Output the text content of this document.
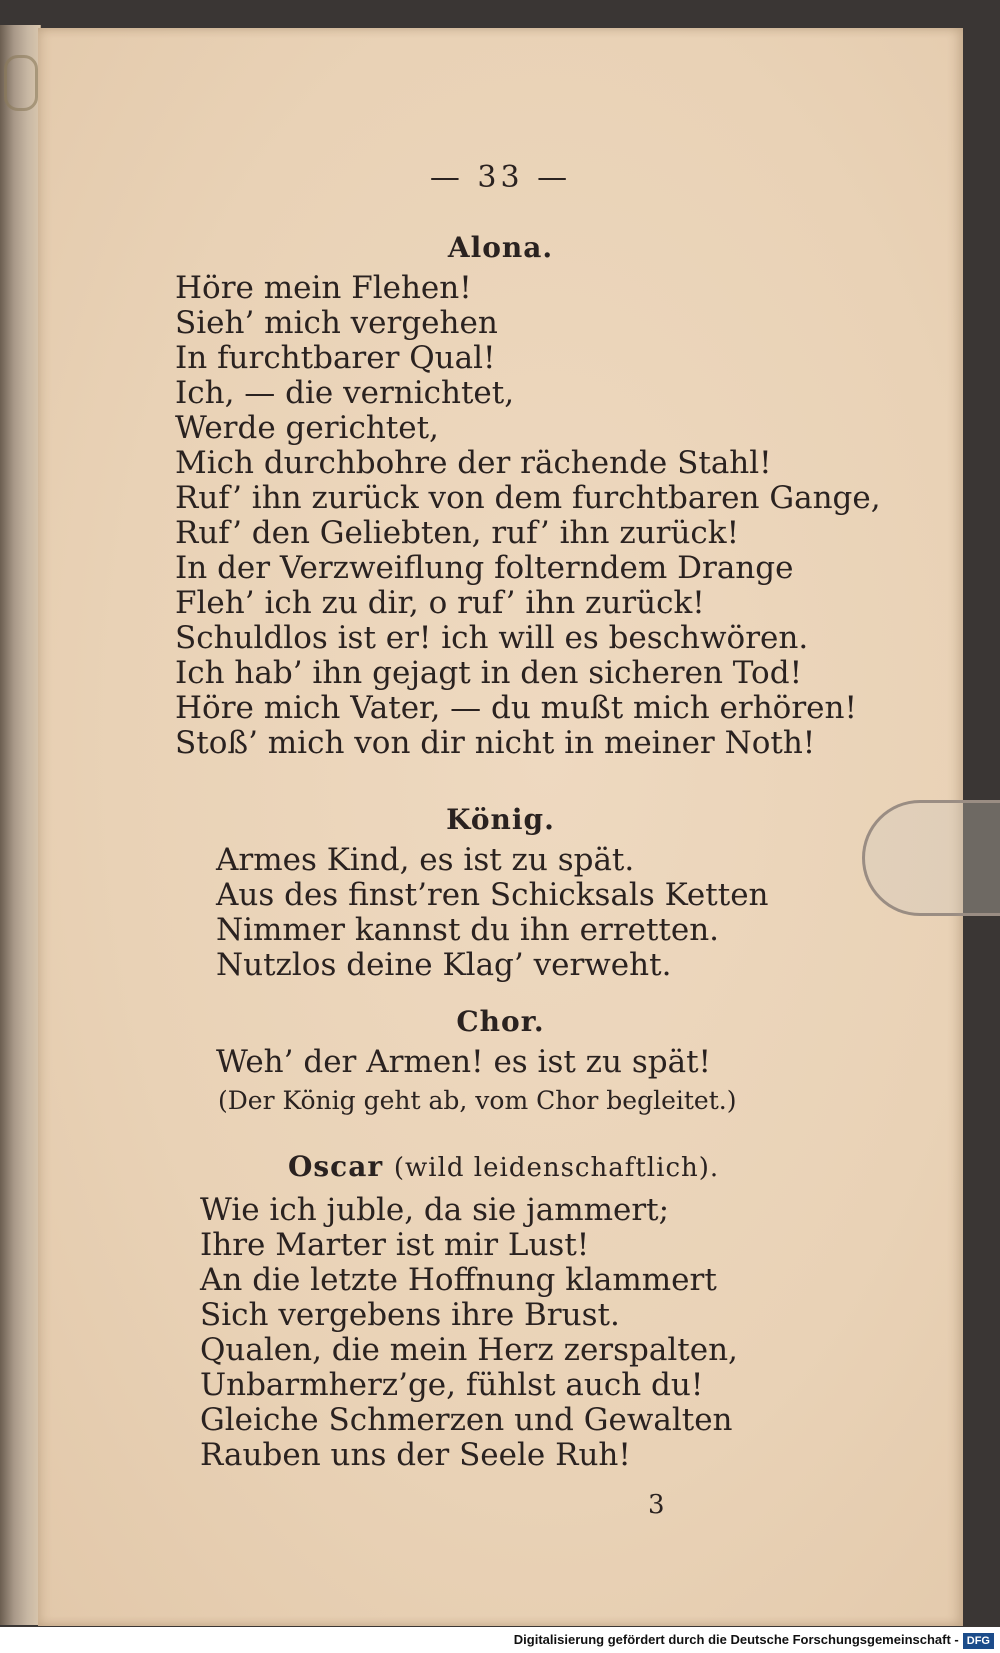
— 33 —
Alona.
Höre mein Flehen!
Sieh’ mich vergehen
In furchtbarer Qual!
Ich, — die vernichtet,
Werde gerichtet,
Mich durchbohre der rächende Stahl!
Ruf’ ihn zurück von dem furchtbaren Gange,
Ruf’ den Geliebten, ruf’ ihn zurück!
In der Verzweiflung folterndem Drange
Fleh’ ich zu dir, o ruf’ ihn zurück!
Schuldlos ist er! ich will es beschwören.
Ich hab’ ihn gejagt in den sicheren Tod!
Höre mich Vater, — du mußt mich erhören!
Stoß’ mich von dir nicht in meiner Noth!
König.
Armes Kind, es ist zu spät.
Aus des finst’ren Schicksals Ketten
Nimmer kannst du ihn erretten.
Nutzlos deine Klag’ verweht.
Chor.
Weh’ der Armen! es ist zu spät!
(Der König geht ab, vom Chor begleitet.)
Oscar (wild leidenschaftlich).
Wie ich juble, da sie jammert;
Ihre Marter ist mir Lust!
An die letzte Hoffnung klammert
Sich vergebens ihre Brust.
Qualen, die mein Herz zerspalten,
Unbarmherz’ge, fühlst auch du!
Gleiche Schmerzen und Gewalten
Rauben uns der Seele Ruh!
3
Digitalisierung gefördert durch die Deutsche Forschungsgemeinschaft - DFG
